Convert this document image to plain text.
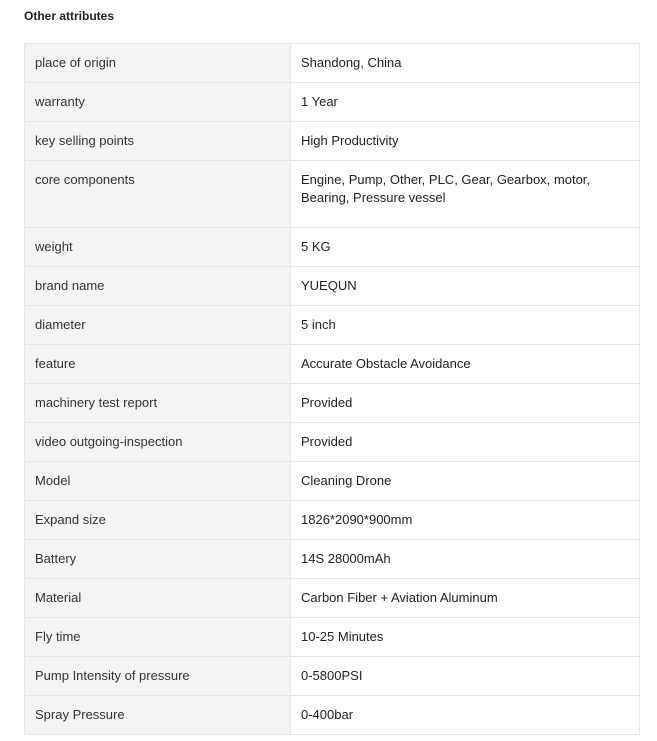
Other attributes
place of origin	Shandong, China
warranty	1 Year
key selling points	High Productivity
core components	Engine, Pump, Other, PLC, Gear, Gearbox, motor, Bearing, Pressure vessel
weight	5 KG
brand name	YUEQUN
diameter	5 inch
feature	Accurate Obstacle Avoidance
machinery test report	Provided
video outgoing-inspection	Provided
Model	Cleaning Drone
Expand size	1826*2090*900mm
Battery	14S 28000mAh
Material	Carbon Fiber + Aviation Aluminum
Fly time	10-25 Minutes
Pump Intensity of pressure	0-5800PSI
Spray Pressure	0-400bar
